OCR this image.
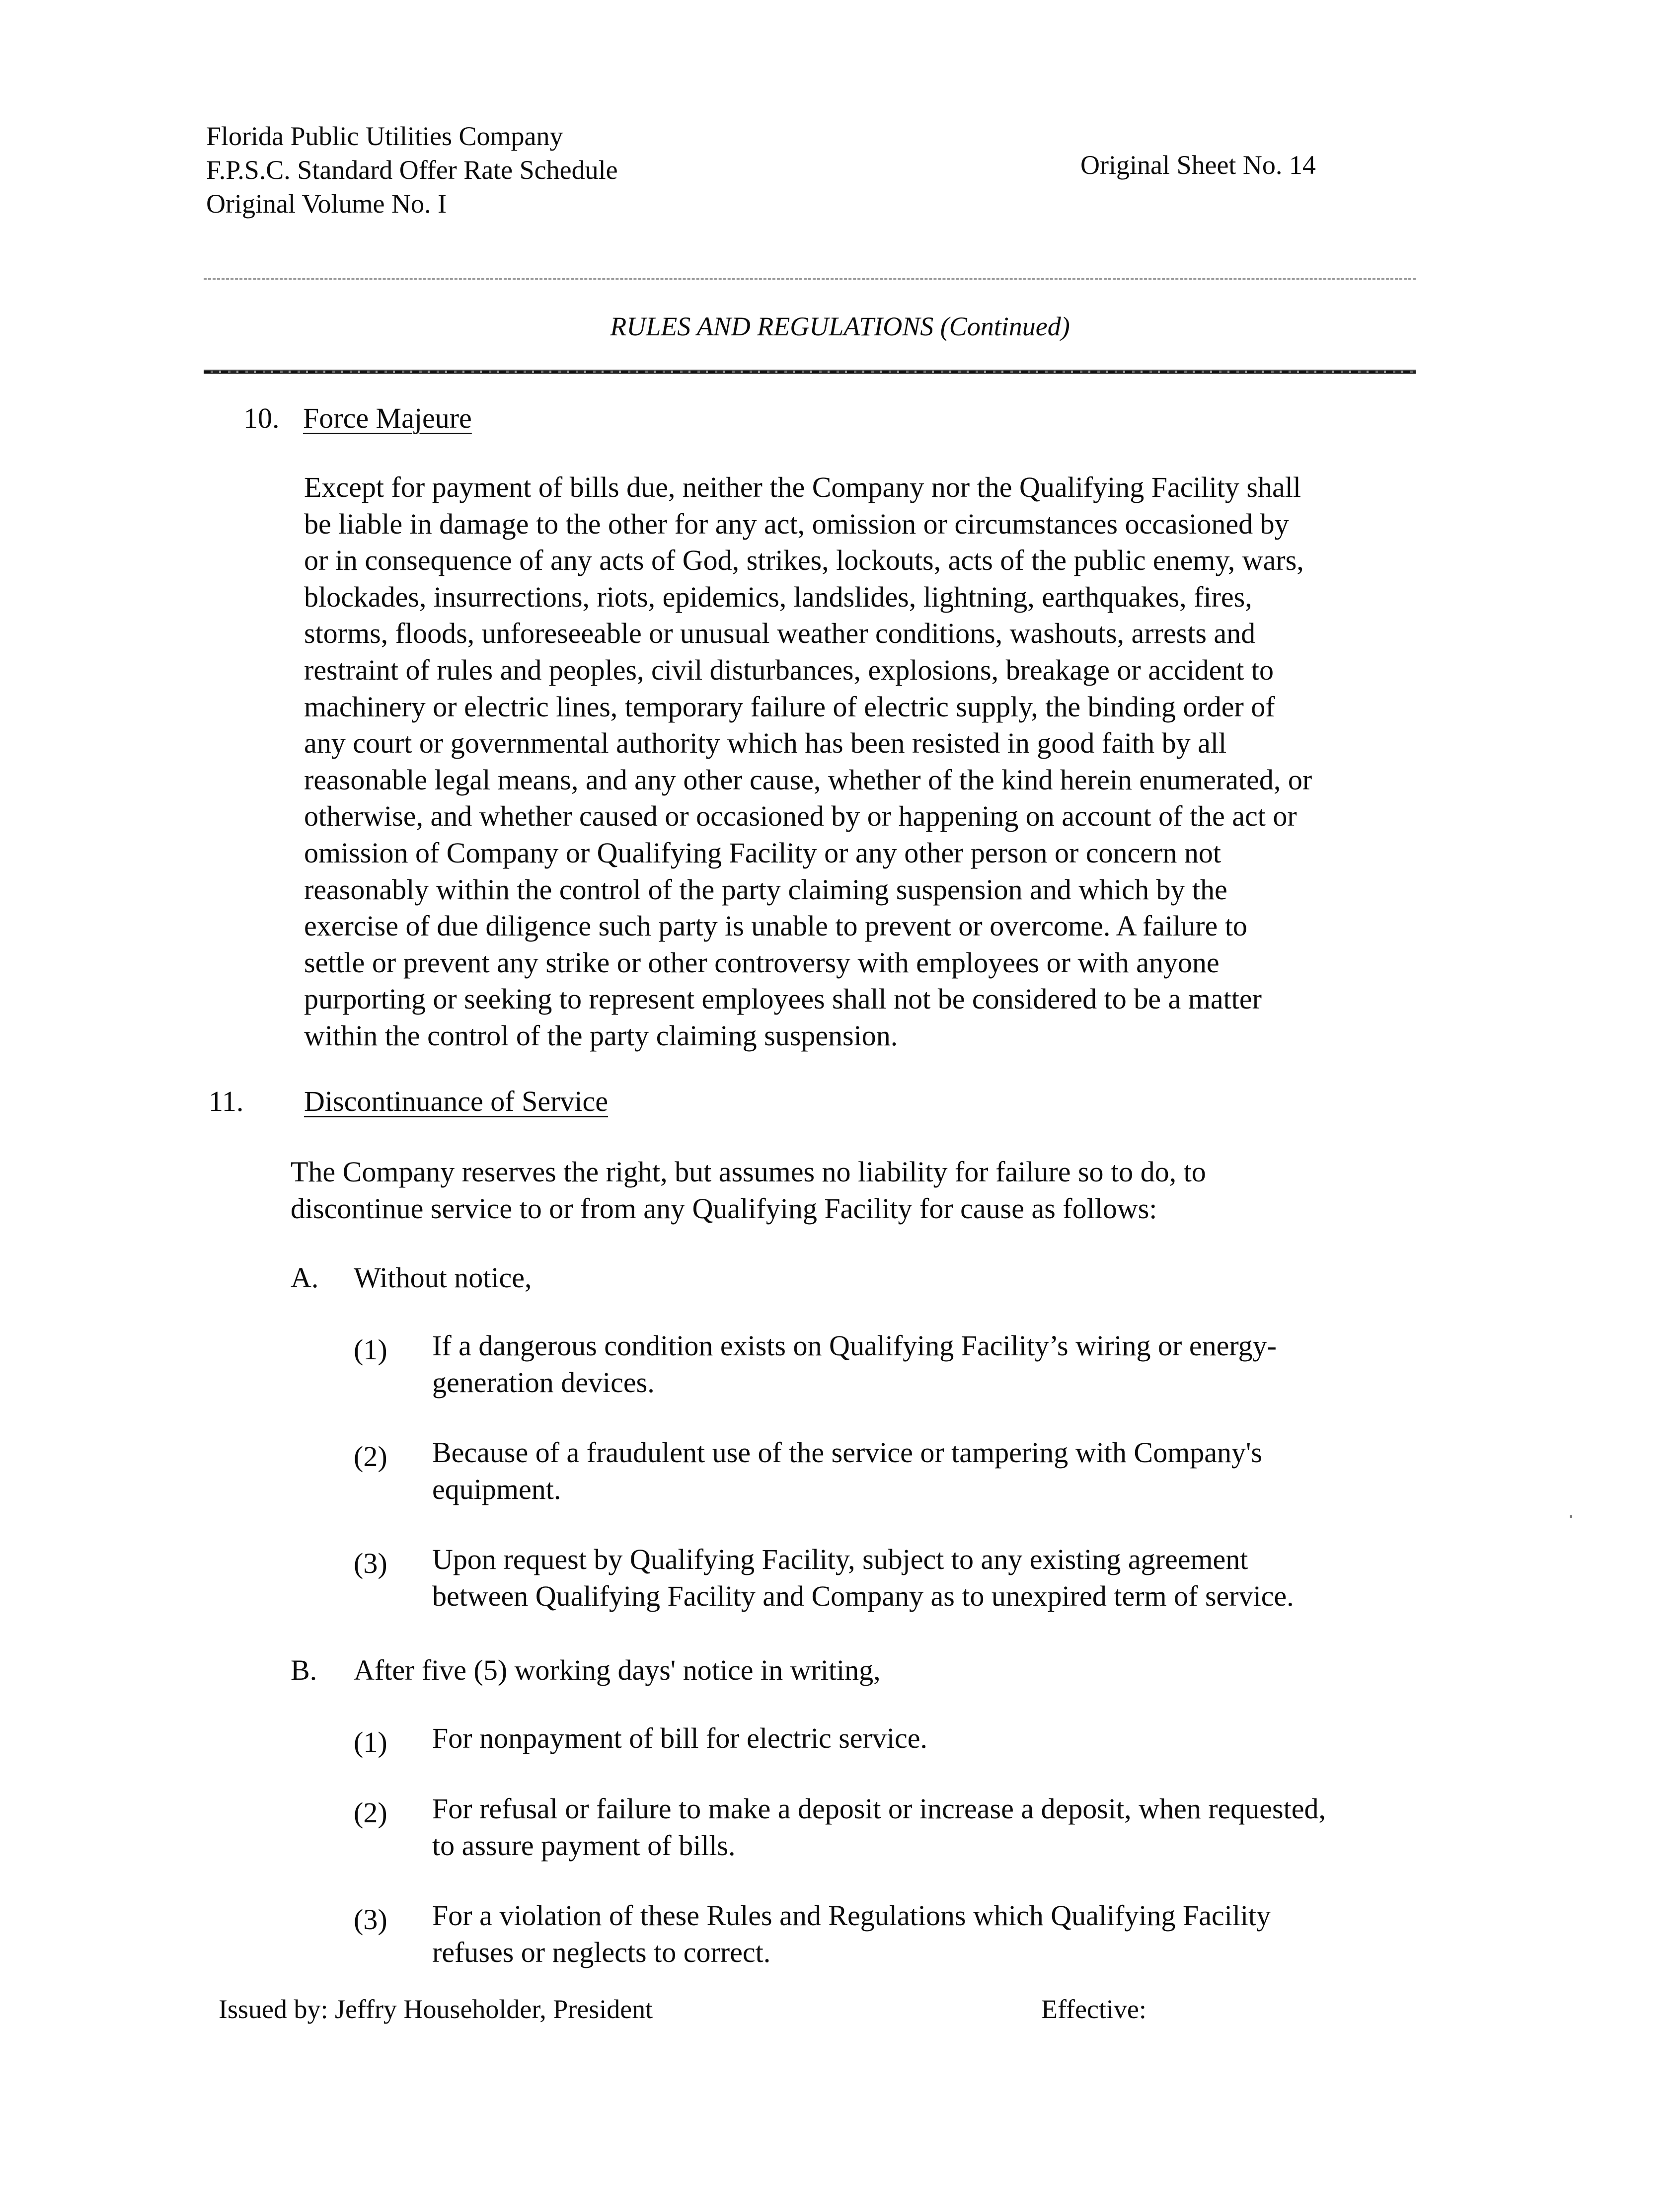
Florida Public Utilities Company
F.P.S.C. Standard Offer Rate Schedule
Original Volume No. I
Original Sheet No. 14
RULES AND REGULATIONS (Continued)
10. Force Majeure
Except for payment of bills due, neither the Company nor the Qualifying Facility shall
be liable in damage to the other for any act, omission or circumstances occasioned by
or in consequence of any acts of God, strikes, lockouts, acts of the public enemy, wars,
blockades, insurrections, riots, epidemics, landslides, lightning, earthquakes, fires,
storms, floods, unforeseeable or unusual weather conditions, washouts, arrests and
restraint of rules and peoples, civil disturbances, explosions, breakage or accident to
machinery or electric lines, temporary failure of electric supply, the binding order of
any court or governmental authority which has been resisted in good faith by all
reasonable legal means, and any other cause, whether of the kind herein enumerated, or
otherwise, and whether caused or occasioned by or happening on account of the act or
omission of Company or Qualifying Facility or any other person or concern not
reasonably within the control of the party claiming suspension and which by the
exercise of due diligence such party is unable to prevent or overcome. A failure to
settle or prevent any strike or other controversy with employees or with anyone
purporting or seeking to represent employees shall not be considered to be a matter
within the control of the party claiming suspension.
11. Discontinuance of Service
The Company reserves the right, but assumes no liability for failure so to do, to
discontinue service to or from any Qualifying Facility for cause as follows:
A. Without notice,
(1) If a dangerous condition exists on Qualifying Facility’s wiring or energy-
generation devices.
(2) Because of a fraudulent use of the service or tampering with Company's
equipment.
(3) Upon request by Qualifying Facility, subject to any existing agreement
between Qualifying Facility and Company as to unexpired term of service.
B. After five (5) working days' notice in writing,
(1) For nonpayment of bill for electric service.
(2) For refusal or failure to make a deposit or increase a deposit, when requested,
to assure payment of bills.
(3) For a violation of these Rules and Regulations which Qualifying Facility
refuses or neglects to correct.
Issued by: Jeffry Householder, President	Effective:
